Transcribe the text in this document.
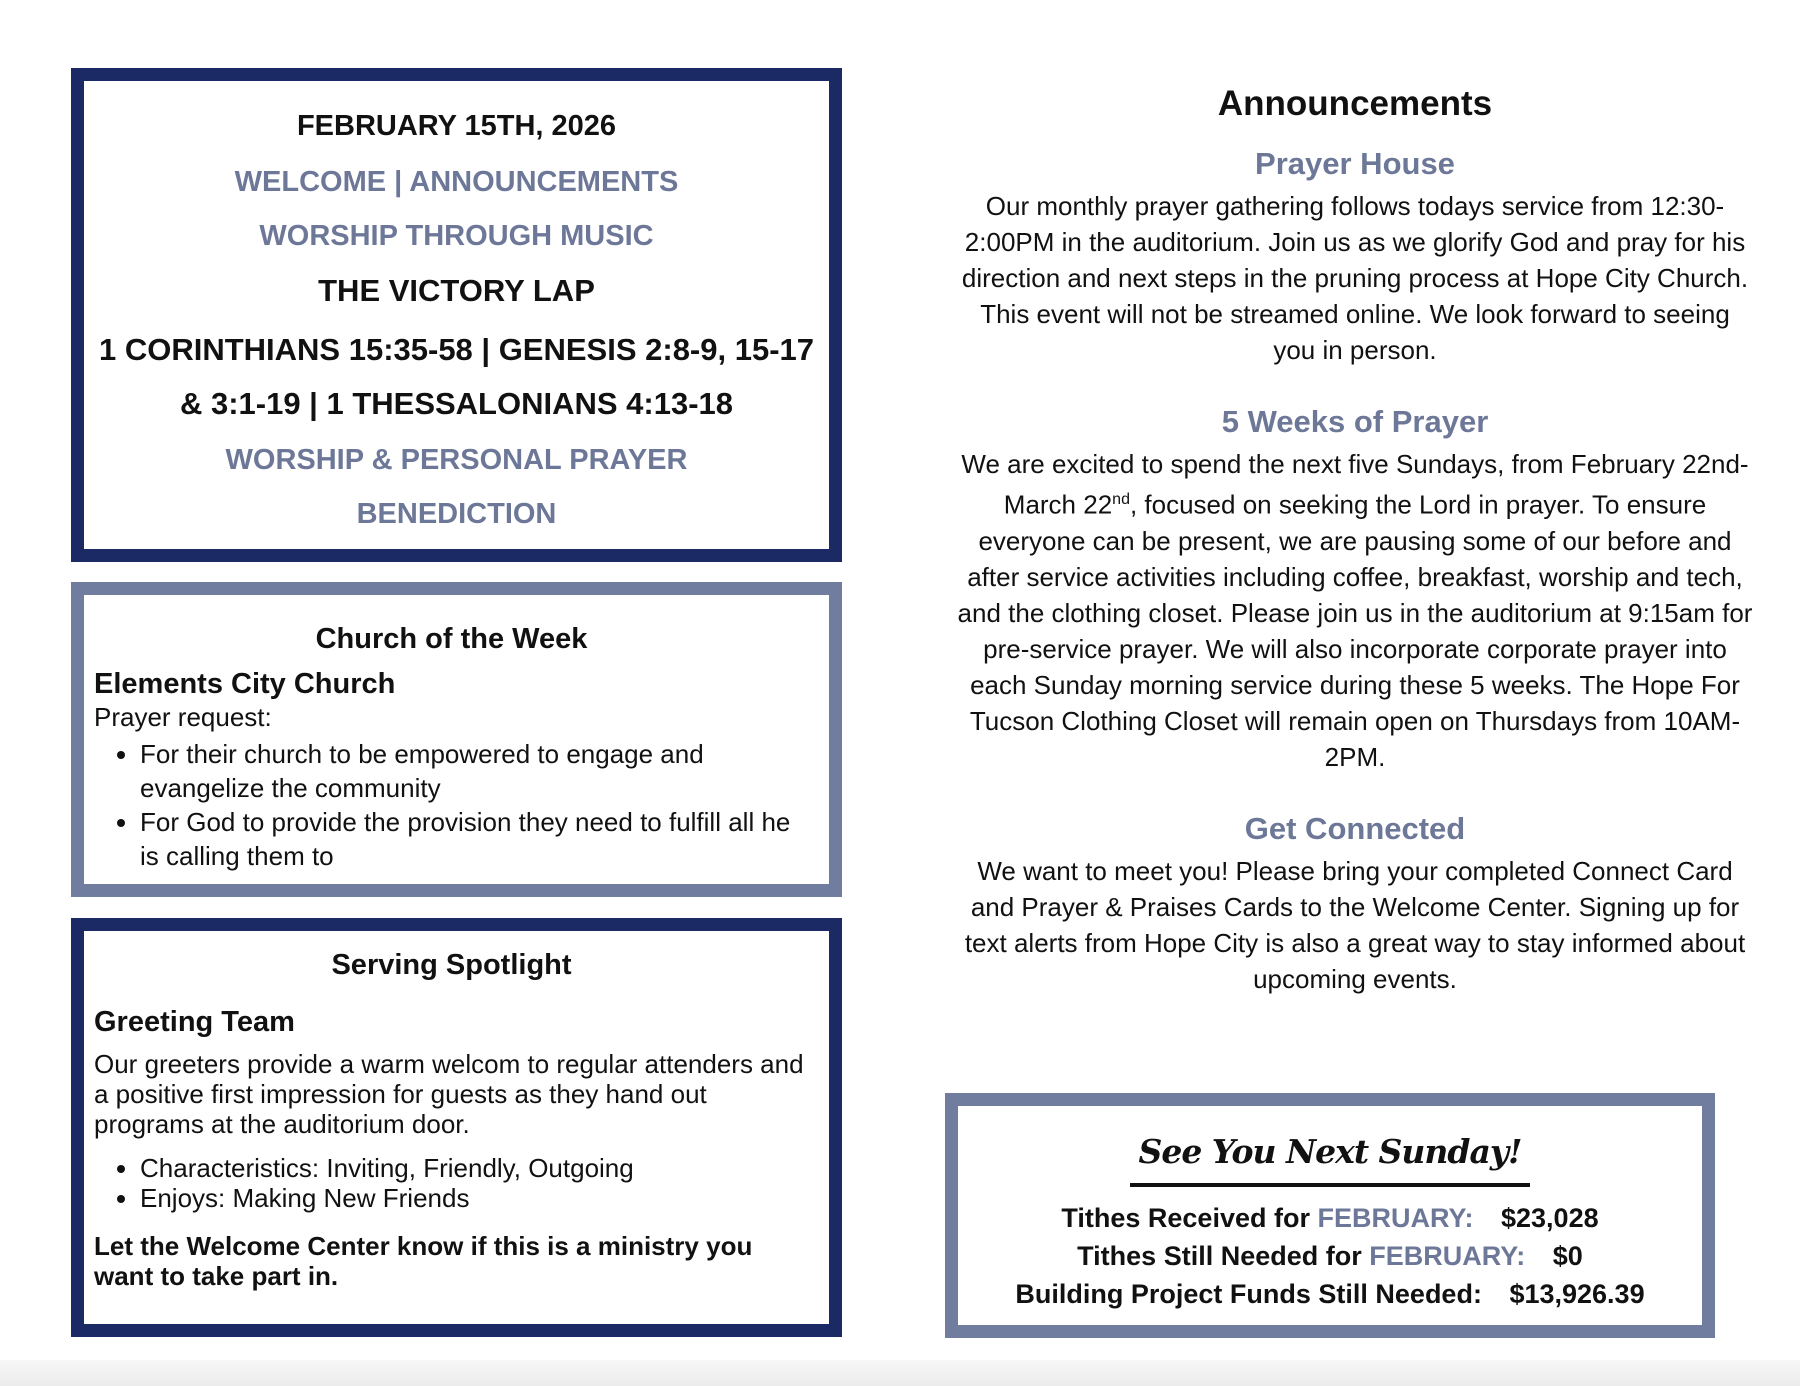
FEBRUARY 15TH, 2026

WELCOME | ANNOUNCEMENTS

WORSHIP THROUGH MUSIC

THE VICTORY LAP

1 CORINTHIANS 15:35-58 | GENESIS 2:8-9, 15-17
& 3:1-19 | 1 THESSALONIANS 4:13-18

WORSHIP & PERSONAL PRAYER

BENEDICTION

Church of the Week

Elements City Church

Prayer request:
• For their church to be empowered to engage and evangelize the community
• For God to provide the provision they need to fulfill all he is calling them to

Serving Spotlight

Greeting Team

Our greeters provide a warm welcom to regular attenders and a positive first impression for guests as they hand out programs at the auditorium door.
• Characteristics: Inviting, Friendly, Outgoing
• Enjoys: Making New Friends
Let the Welcome Center know if this is a ministry you want to take part in.

Announcements

Prayer House

Our monthly prayer gathering follows todays service from 12:30-2:00PM in the auditorium. Join us as we glorify God and pray for his direction and next steps in the pruning process at Hope City Church. This event will not be streamed online. We look forward to seeing you in person.

5 Weeks of Prayer

We are excited to spend the next five Sundays, from February 22nd-March 22nd, focused on seeking the Lord in prayer. To ensure everyone can be present, we are pausing some of our before and after service activities including coffee, breakfast, worship and tech, and the clothing closet. Please join us in the auditorium at 9:15am for pre-service prayer. We will also incorporate corporate prayer into each Sunday morning service during these 5 weeks. The Hope For Tucson Clothing Closet will remain open on Thursdays from 10AM-2PM.

Get Connected

We want to meet you! Please bring your completed Connect Card and Prayer & Praises Cards to the Welcome Center. Signing up for text alerts from Hope City is also a great way to stay informed about upcoming events.

See You Next Sunday!

Tithes Received for FEBRUARY: $23,028
Tithes Still Needed for FEBRUARY: $0
Building Project Funds Still Needed: $13,926.39
